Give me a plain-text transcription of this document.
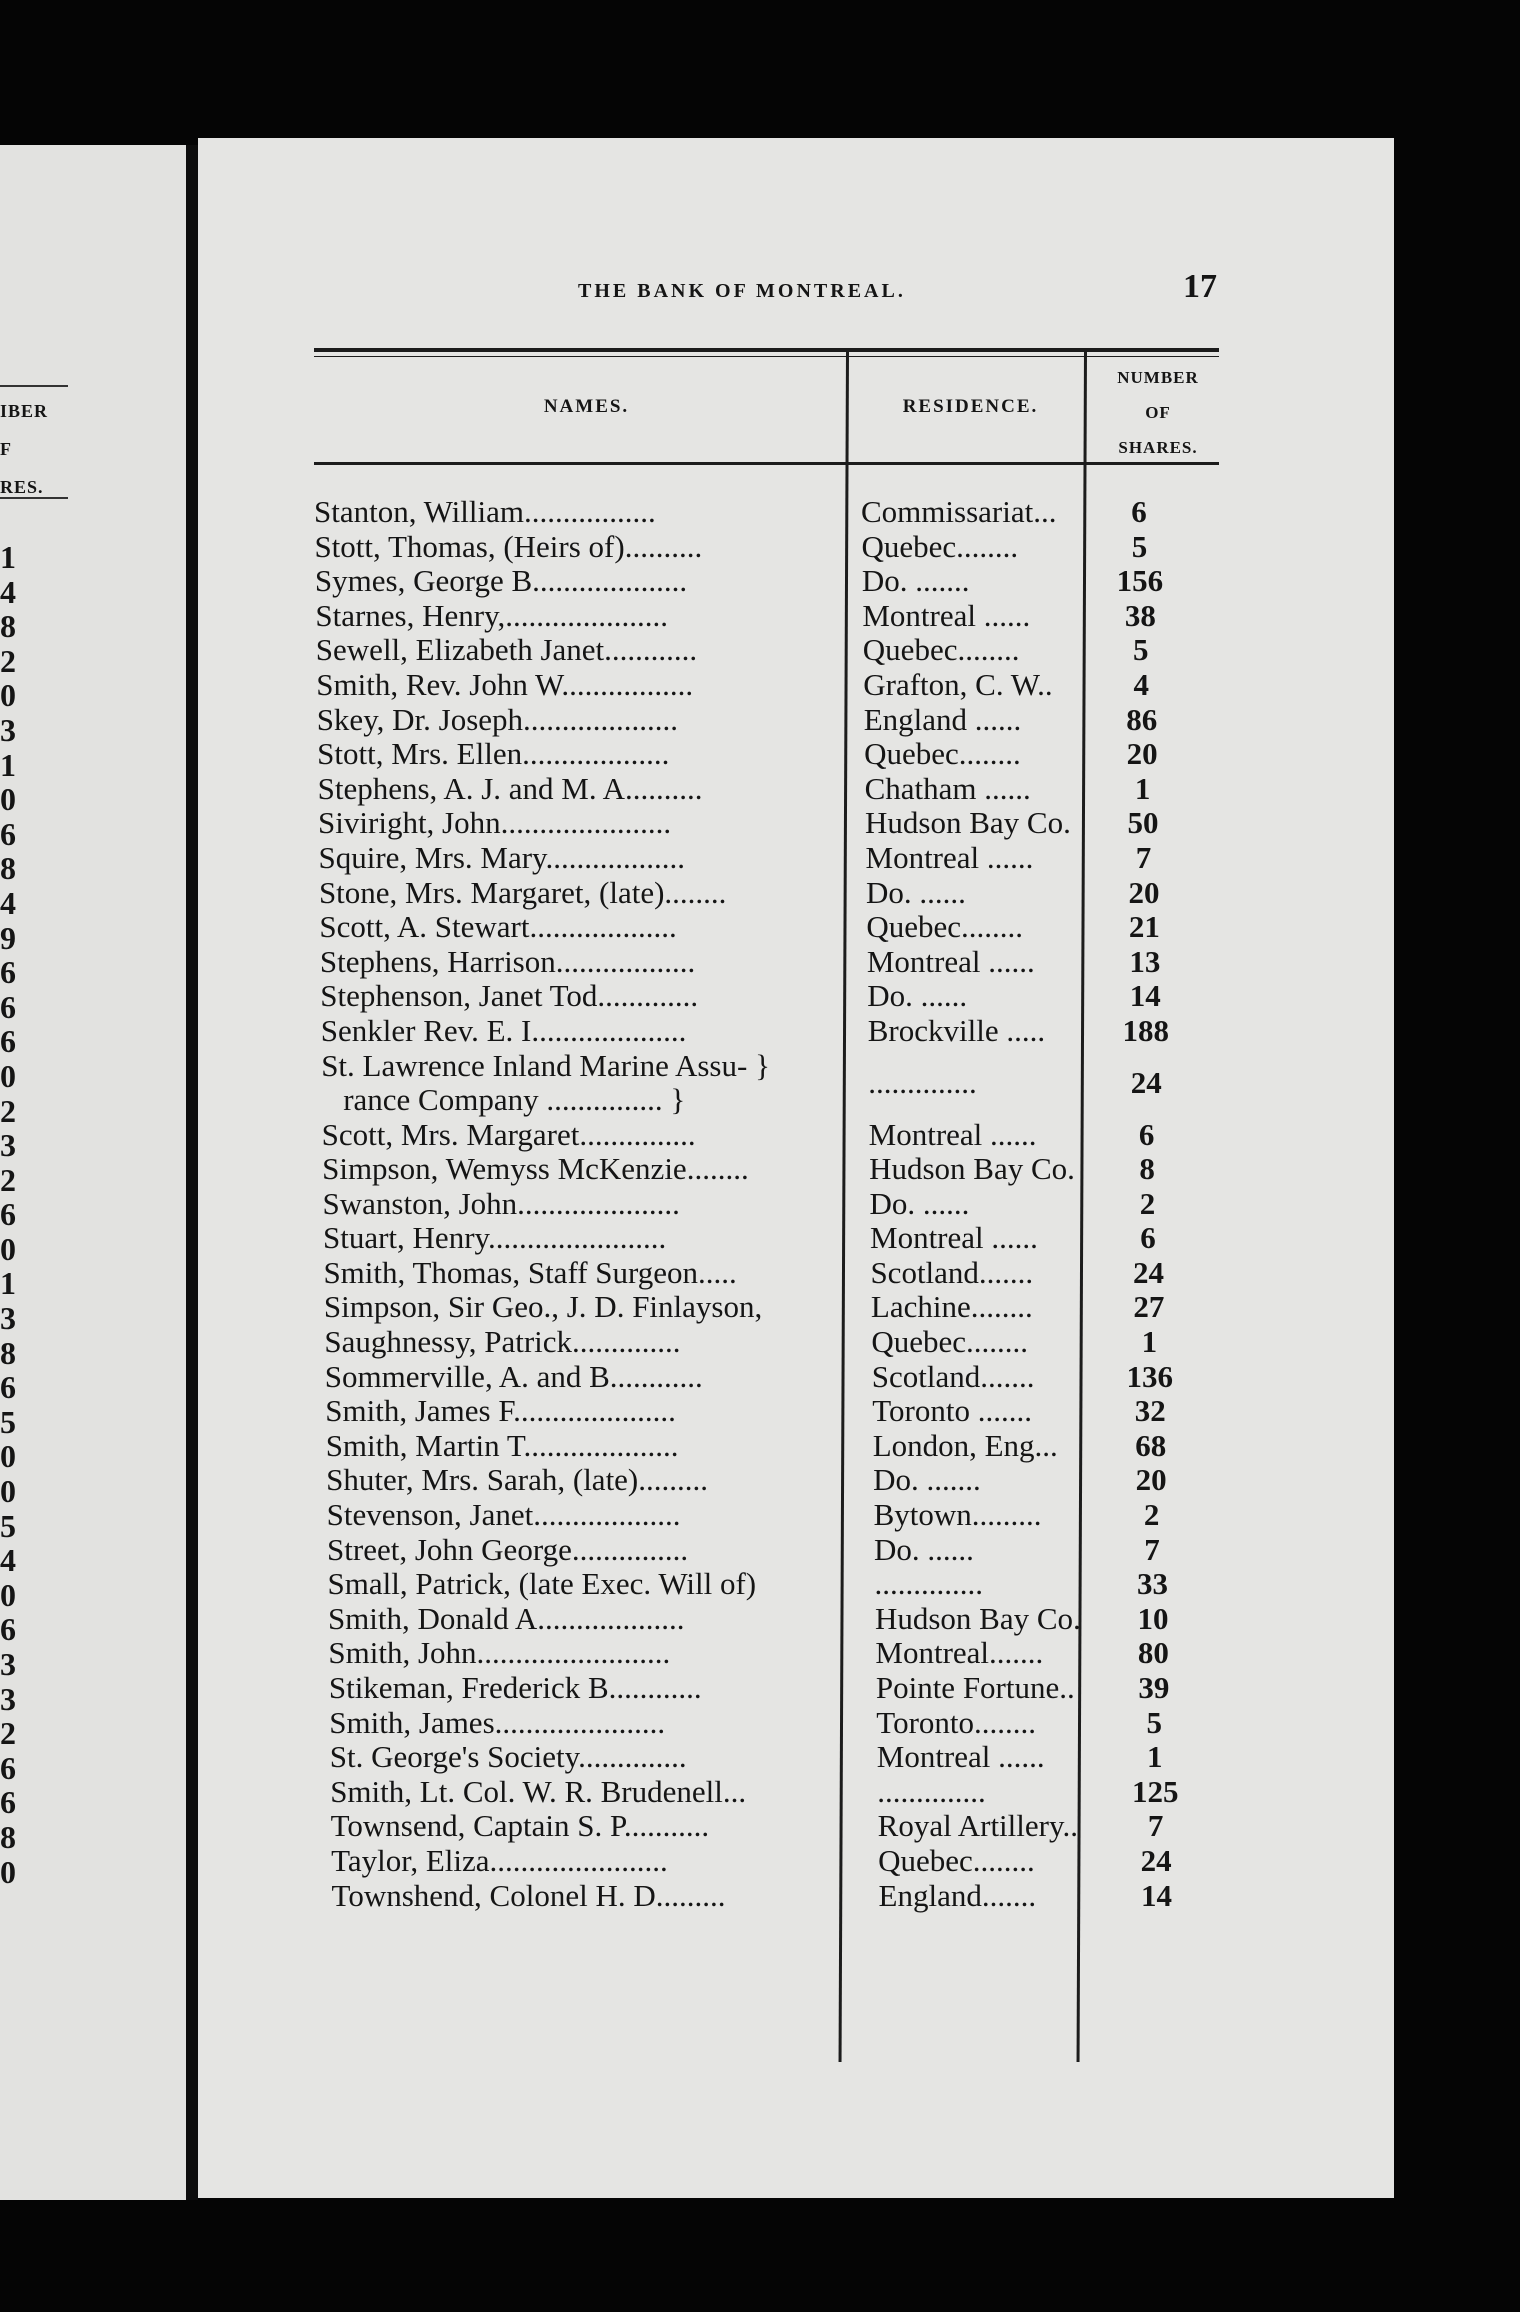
IBER
F
RES.
1
4
8
2
0
3
1
0
6
8
4
9
6
6
6
0
2
3
2
6
0
1
3
8
6
5
0
0
5
4
0
6
3
3
2
6
6
8
0
THE BANK OF MONTREAL.	17
NAMES.	RESIDENCE.
NUMBER
OF
SHARES.
Stanton, William.................	Commissariat...	6
Stott, Thomas, (Heirs of)..........	Quebec........	5
Symes, George B....................	Do. .......	156
Starnes, Henry,.....................	Montreal ......	38
Sewell, Elizabeth Janet............	Quebec........	5
Smith, Rev. John W.................	Grafton, C. W..	4
Skey, Dr. Joseph....................	England ......	86
Stott, Mrs. Ellen...................	Quebec........	20
Stephens, A. J. and M. A..........	Chatham ......	1
Siviright, John......................	Hudson Bay Co.	50
Squire, Mrs. Mary..................	Montreal ......	7
Stone, Mrs. Margaret, (late)........	Do. ......	20
Scott, A. Stewart...................	Quebec........	21
Stephens, Harrison..................	Montreal ......	13
Stephenson, Janet Tod.............	Do. ......	14
Senkler Rev. E. I....................	Brockville .....	188
St. Lawrence Inland Marine Assu- }
rance Company ............... }	..............	24
Scott, Mrs. Margaret...............	Montreal ......	6
Simpson, Wemyss McKenzie........	Hudson Bay Co.	8
Swanston, John.....................	Do. ......	2
Stuart, Henry.......................	Montreal ......	6
Smith, Thomas, Staff Surgeon.....	Scotland.......	24
Simpson, Sir Geo., J. D. Finlayson,	Lachine........	27
Saughnessy, Patrick..............	Quebec........	1
Sommerville, A. and B............	Scotland.......	136
Smith, James F.....................	Toronto .......	32
Smith, Martin T....................	London, Eng...	68
Shuter, Mrs. Sarah, (late).........	Do. .......	20
Stevenson, Janet...................	Bytown.........	2
Street, John George...............	Do. ......	7
Small, Patrick, (late Exec. Will of)	..............	33
Smith, Donald A...................	Hudson Bay Co.	10
Smith, John.........................	Montreal.......	80
Stikeman, Frederick B............	Pointe Fortune..	39
Smith, James......................	Toronto........	5
St. George's Society..............	Montreal ......	1
Smith, Lt. Col. W. R. Brudenell...	..............	125
Townsend, Captain S. P...........	Royal Artillery..	7
Taylor, Eliza.......................	Quebec........	24
Townshend, Colonel H. D.........	England.......	14
